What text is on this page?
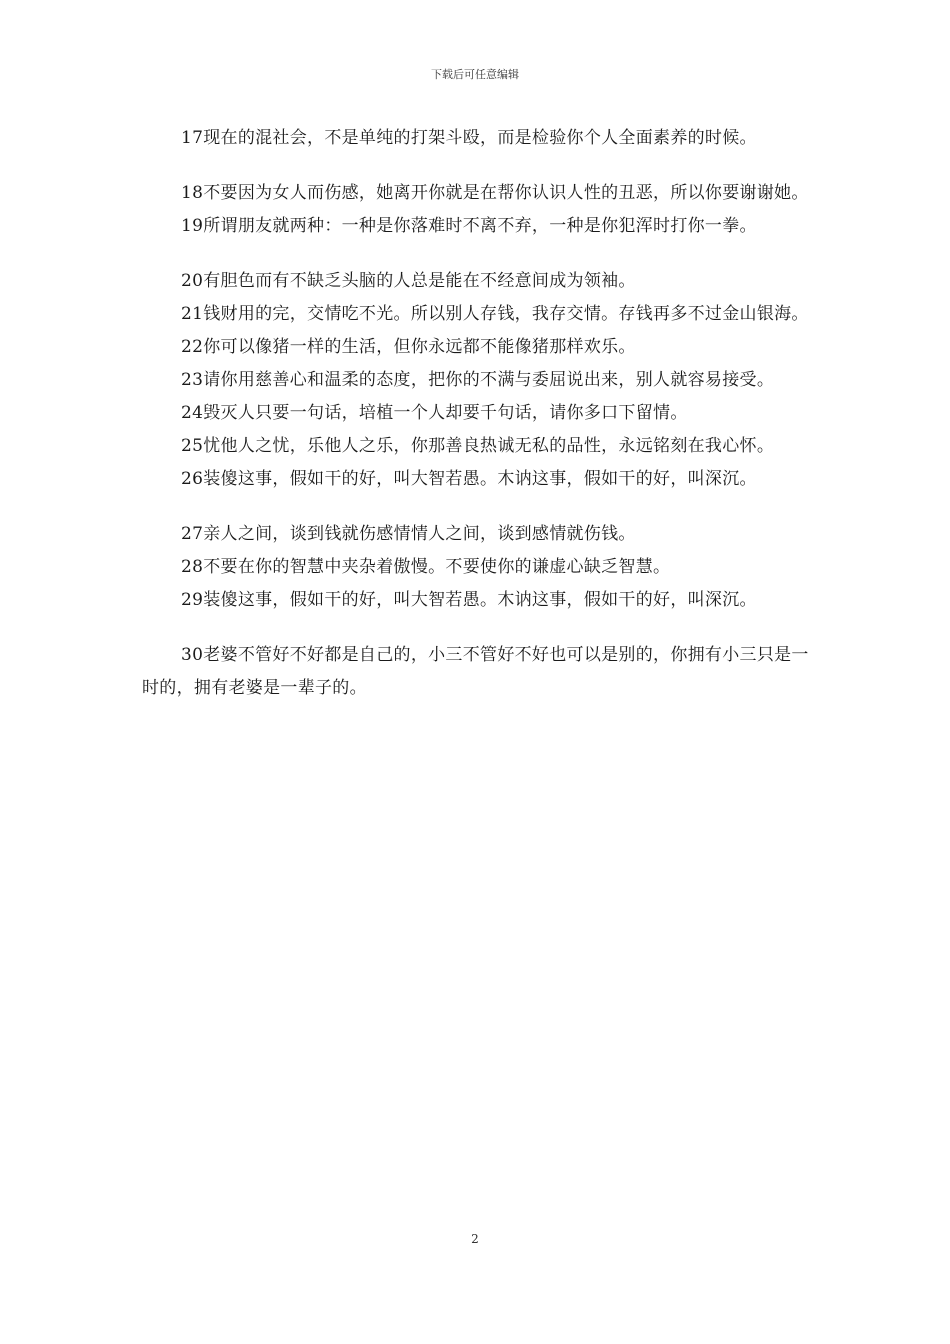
下载后可任意编辑

17现在的混社会，不是单纯的打架斗殴，而是检验你个人全面素养的时候。

18不要因为女人而伤感，她离开你就是在帮你认识人性的丑恶，所以你要谢谢她。

19所谓朋友就两种：一种是你落难时不离不弃，一种是你犯浑时打你一拳。

20有胆色而有不缺乏头脑的人总是能在不经意间成为领袖。

21钱财用的完，交情吃不光。所以别人存钱，我存交情。存钱再多不过金山银海。

22你可以像猪一样的生活，但你永远都不能像猪那样欢乐。

23请你用慈善心和温柔的态度，把你的不满与委屈说出来，别人就容易接受。

24毁灭人只要一句话，培植一个人却要千句话，请你多口下留情。

25忧他人之忧，乐他人之乐，你那善良热诚无私的品性，永远铭刻在我心怀。

26装傻这事，假如干的好，叫大智若愚。木讷这事，假如干的好，叫深沉。

27亲人之间，谈到钱就伤感情情人之间，谈到感情就伤钱。

28不要在你的智慧中夹杂着傲慢。不要使你的谦虚心缺乏智慧。

29装傻这事，假如干的好，叫大智若愚。木讷这事，假如干的好，叫深沉。

30老婆不管好不好都是自己的，小三不管好不好也可以是别的，你拥有小三只是一时的，拥有老婆是一辈子的。

2
